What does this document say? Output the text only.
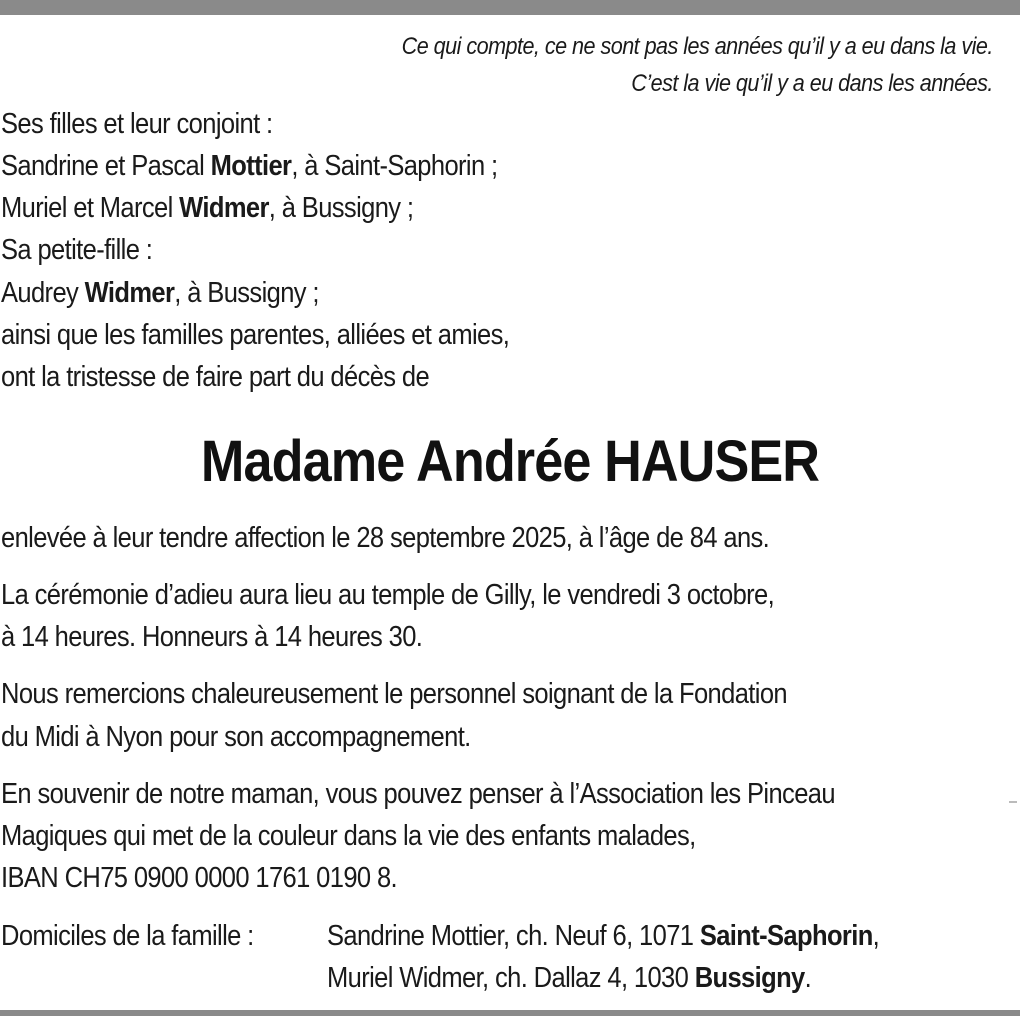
Ce qui compte, ce ne sont pas les années qu’il y a eu dans la vie.
C’est la vie qu’il y a eu dans les années.
Ses filles et leur conjoint :
Sandrine et Pascal Mottier, à Saint-Saphorin ;
Muriel et Marcel Widmer, à Bussigny ;
Sa petite-fille :
Audrey Widmer, à Bussigny ;
ainsi que les familles parentes, alliées et amies,
ont la tristesse de faire part du décès de
Madame Andrée HAUSER
enlevée à leur tendre affection le 28 septembre 2025, à l’âge de 84 ans.
La cérémonie d’adieu aura lieu au temple de Gilly, le vendredi 3 octobre,
à 14 heures. Honneurs à 14 heures 30.
Nous remercions chaleureusement le personnel soignant de la Fondation
du Midi à Nyon pour son accompagnement.
En souvenir de notre maman, vous pouvez penser à l’Association les Pinceau
Magiques qui met de la couleur dans la vie des enfants malades,
IBAN CH75 0900 0000 1761 0190 8.
Domiciles de la famille :	Sandrine Mottier, ch. Neuf 6, 1071 Saint-Saphorin,
Muriel Widmer, ch. Dallaz 4, 1030 Bussigny.
